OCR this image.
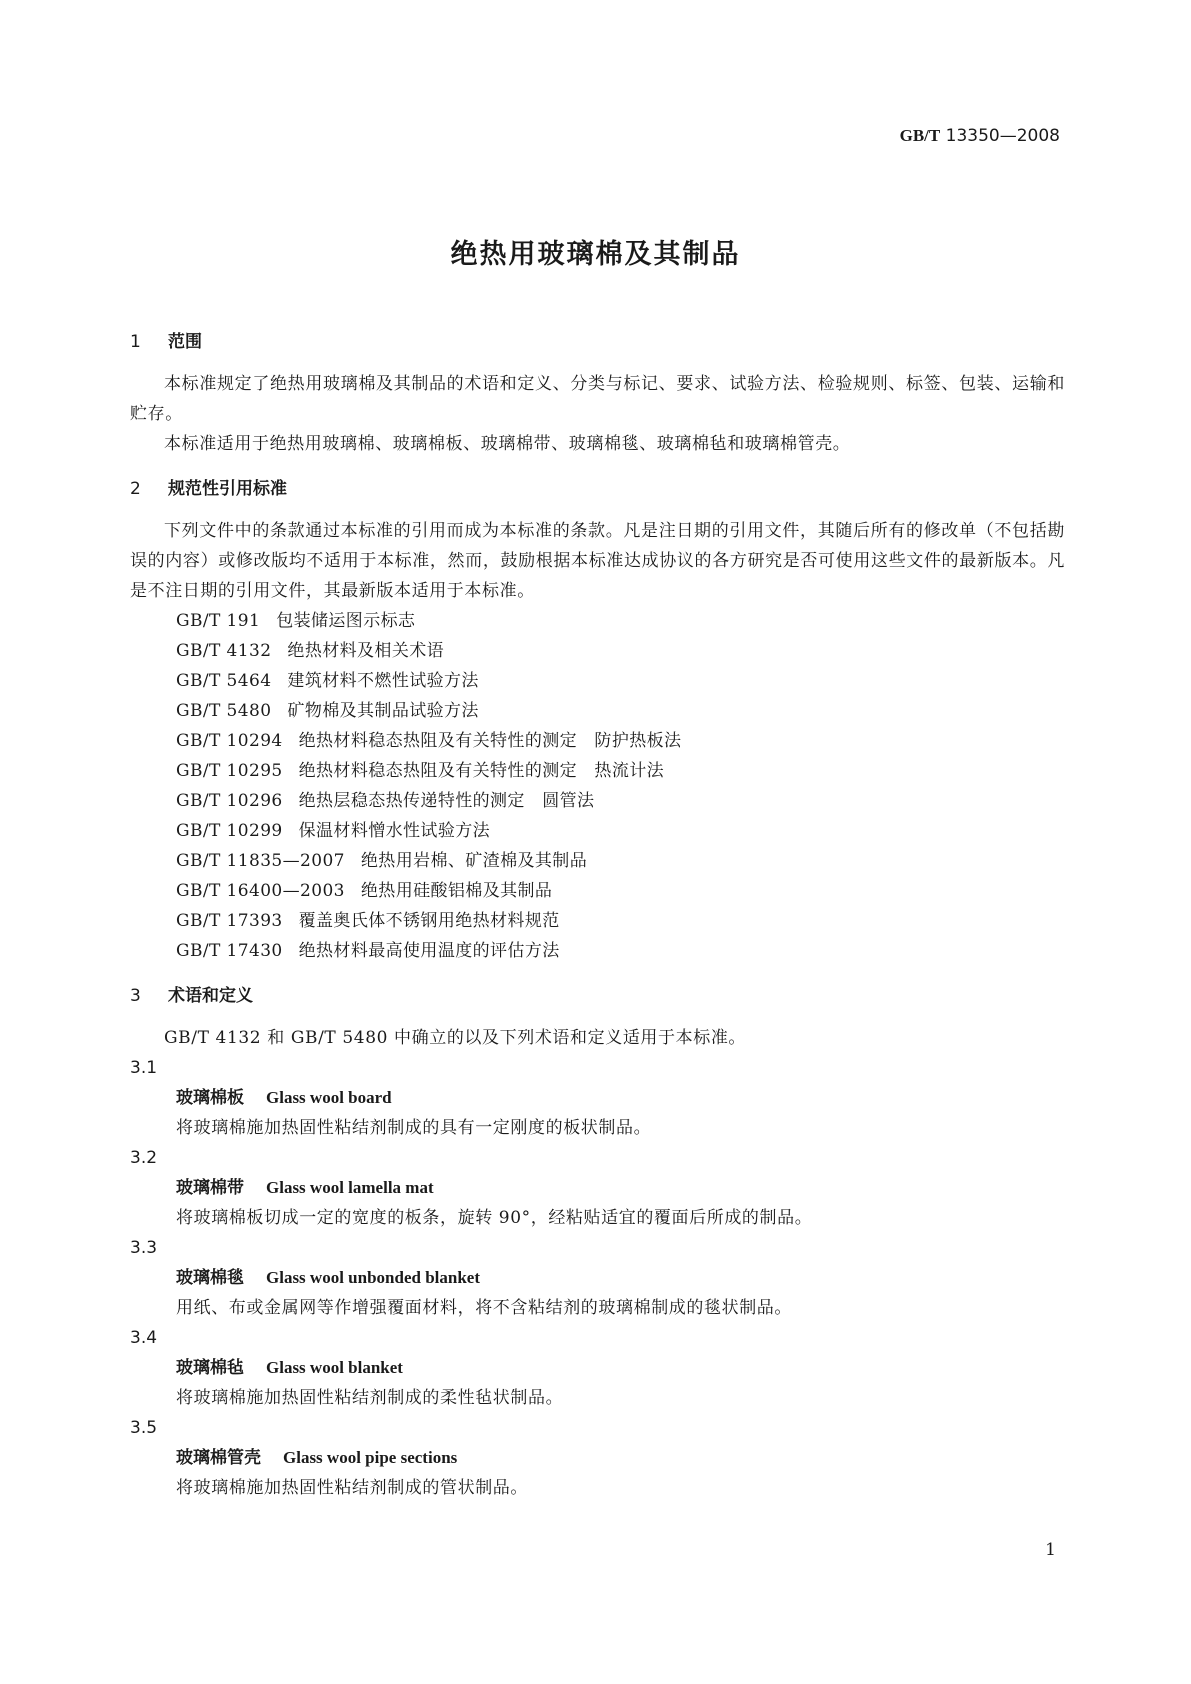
GB/T 13350—2008
绝热用玻璃棉及其制品
1 范围
本标准规定了绝热用玻璃棉及其制品的术语和定义、分类与标记、要求、试验方法、检验规则、标签、包装、运输和贮存。
本标准适用于绝热用玻璃棉、玻璃棉板、玻璃棉带、玻璃棉毯、玻璃棉毡和玻璃棉管壳。
2 规范性引用标准
下列文件中的条款通过本标准的引用而成为本标准的条款。凡是注日期的引用文件，其随后所有的修改单（不包括勘误的内容）或修改版均不适用于本标准，然而，鼓励根据本标准达成协议的各方研究是否可使用这些文件的最新版本。凡是不注日期的引用文件，其最新版本适用于本标准。
GB/T 191 包装储运图示标志
GB/T 4132 绝热材料及相关术语
GB/T 5464 建筑材料不燃性试验方法
GB/T 5480 矿物棉及其制品试验方法
GB/T 10294 绝热材料稳态热阻及有关特性的测定　防护热板法
GB/T 10295 绝热材料稳态热阻及有关特性的测定　热流计法
GB/T 10296 绝热层稳态热传递特性的测定　圆管法
GB/T 10299 保温材料憎水性试验方法
GB/T 11835—2007 绝热用岩棉、矿渣棉及其制品
GB/T 16400—2003 绝热用硅酸铝棉及其制品
GB/T 17393 覆盖奥氏体不锈钢用绝热材料规范
GB/T 17430 绝热材料最高使用温度的评估方法
3 术语和定义
GB/T 4132 和 GB/T 5480 中确立的以及下列术语和定义适用于本标准。
3.1
玻璃棉板 Glass wool board
将玻璃棉施加热固性粘结剂制成的具有一定刚度的板状制品。
3.2
玻璃棉带 Glass wool lamella mat
将玻璃棉板切成一定的宽度的板条，旋转 90°，经粘贴适宜的覆面后所成的制品。
3.3
玻璃棉毯 Glass wool unbonded blanket
用纸、布或金属网等作增强覆面材料，将不含粘结剂的玻璃棉制成的毯状制品。
3.4
玻璃棉毡 Glass wool blanket
将玻璃棉施加热固性粘结剂制成的柔性毡状制品。
3.5
玻璃棉管壳 Glass wool pipe sections
将玻璃棉施加热固性粘结剂制成的管状制品。
1
